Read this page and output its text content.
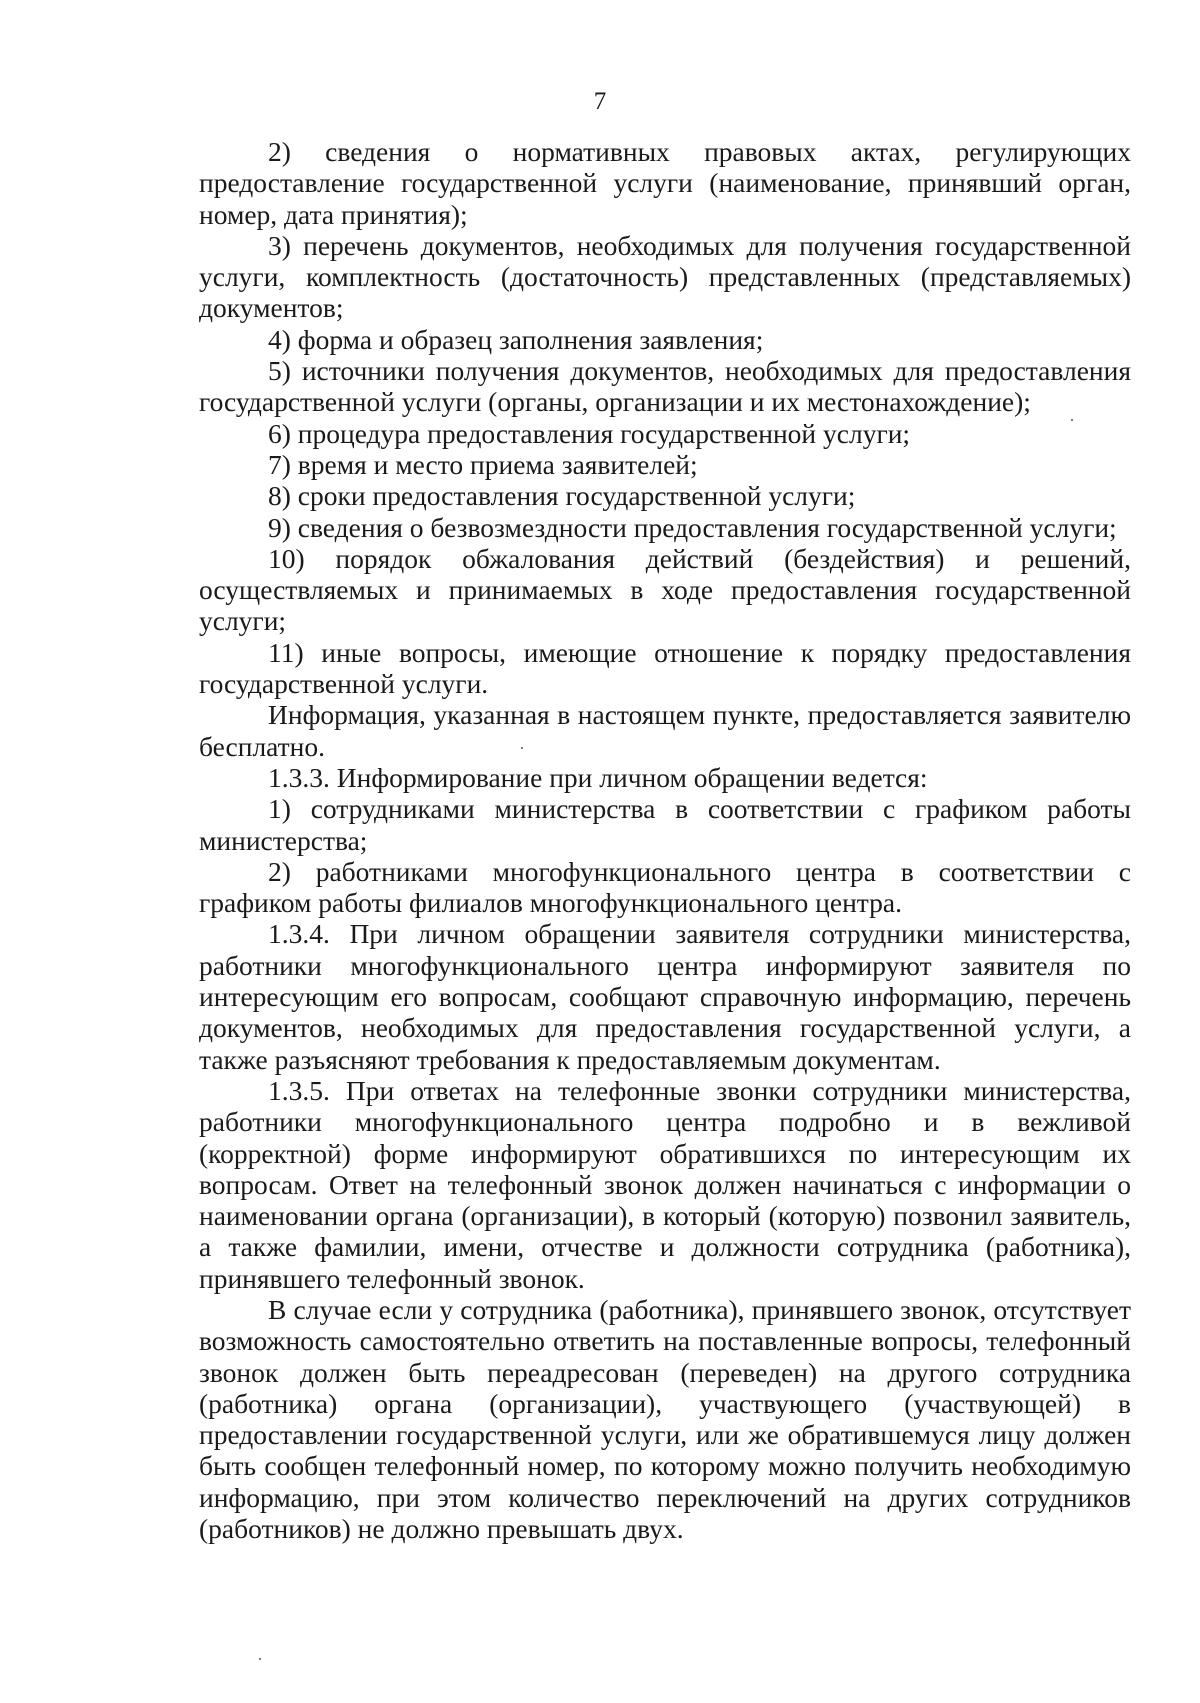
7

2) сведения о нормативных правовых актах, регулирующих предоставление государственной услуги (наименование, принявший орган, номер, дата принятия);

3) перечень документов, необходимых для получения государственной услуги, комплектность (достаточность) представленных (представляемых) документов;

4) форма и образец заполнения заявления;

5) источники получения документов, необходимых для предоставления государственной услуги (органы, организации и их местонахождение);

6) процедура предоставления государственной услуги;

7) время и место приема заявителей;

8) сроки предоставления государственной услуги;

9) сведения о безвозмездности предоставления государственной услуги;

10) порядок обжалования действий (бездействия) и решений, осуществляемых и принимаемых в ходе предоставления государственной услуги;

11) иные вопросы, имеющие отношение к порядку предоставления государственной услуги.

Информация, указанная в настоящем пункте, предоставляется заявителю бесплатно.

1.3.3. Информирование при личном обращении ведется:

1) сотрудниками министерства в соответствии с графиком работы министерства;

2) работниками многофункционального центра в соответствии с графиком работы филиалов многофункционального центра.

1.3.4. При личном обращении заявителя сотрудники министерства, работники многофункционального центра информируют заявителя по интересующим его вопросам, сообщают справочную информацию, перечень документов, необходимых для предоставления государственной услуги, а также разъясняют требования к предоставляемым документам.

1.3.5. При ответах на телефонные звонки сотрудники министерства, работники многофункционального центра подробно и в вежливой (корректной) форме информируют обратившихся по интересующим их вопросам. Ответ на телефонный звонок должен начинаться с информации о наименовании органа (организации), в который (которую) позвонил заявитель, а также фамилии, имени, отчестве и должности сотрудника (работника), принявшего телефонный звонок.

В случае если у сотрудника (работника), принявшего звонок, отсутствует возможность самостоятельно ответить на поставленные вопросы, телефонный звонок должен быть переадресован (переведен) на другого сотрудника (работника) органа (организации), участвующего (участвующей) в предоставлении государственной услуги, или же обратившемуся лицу должен быть сообщен телефонный номер, по которому можно получить необходимую информацию, при этом количество переключений на других сотрудников (работников) не должно превышать двух.
